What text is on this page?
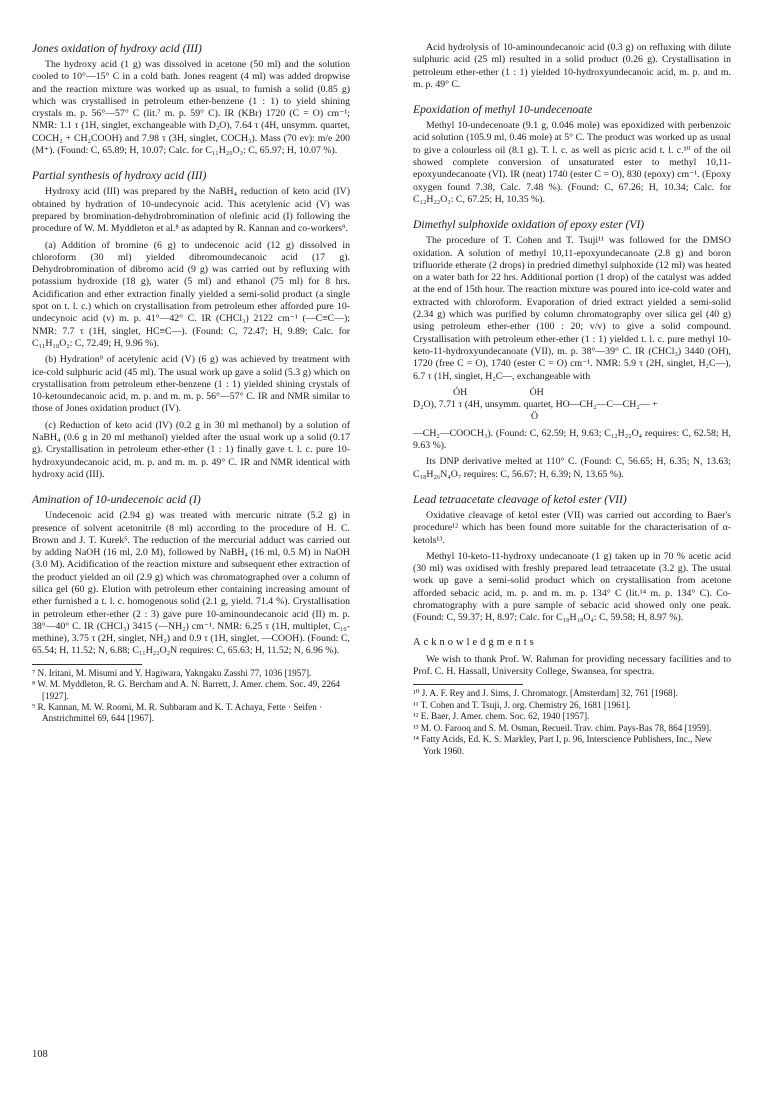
Jones oxidation of hydroxy acid (III)

The hydroxy acid (1 g) was dissolved in acetone (50 ml) and the solution cooled to 10°—15° C in a cold bath. Jones reagent (4 ml) was added dropwise and the reaction mixture was worked up as usual, to furnish a solid (0.85 g) which was crystallised in petroleum ether-benzene (1 : 1) to yield shining crystals m. p. 56°—57° C (lit.⁷ m. p. 59° C). IR (KBr) 1720 (C = O) cm⁻¹; NMR: 1.1 τ (1H, singlet, exchangeable with D₂O), 7.64 τ (4H, unsymm. quartet, COCH₂ + CH₂COOH) and 7.98 τ (3H, singlet, COCH₃). Mass (70 ev): m/e 200 (M⁺). (Found: C, 65.89; H, 10.07; Calc. for C₁₁H₂₀O₃: C, 65.97; H, 10.07 %).

Partial synthesis of hydroxy acid (III)

Hydroxy acid (III) was prepared by the NaBH₄ reduction of keto acid (IV) obtained by hydration of 10-undecynoic acid. This acetylenic acid (V) was prepared by bromination-dehydrobromination of olefinic acid (I) following the procedure of W. M. Myddleton et al.⁸ as adapted by R. Kannan and co-workers⁹.

(a) Addition of bromine (6 g) to undecenoic acid (12 g) dissolved in chloroform (30 ml) yielded dibromoundecanoic acid (17 g). Dehydrobromination of dibromo acid (9 g) was carried out by refluxing with potassium hydroxide (18 g), water (5 ml) and ethanol (75 ml) for 8 hrs. Acidification and ether extraction finally yielded a semi-solid product (a single spot on t. l. c.) which on crystallisation from petroleum ether afforded pure 10-undecynoic acid (v) m. p. 41°—42° C. IR (CHCl₃) 2122 cm⁻¹ (—C≡C—); NMR: 7.7 τ (1H, singlet, HC≡C—). (Found: C, 72.47; H, 9.89; Calc. for C₁₁H₁₈O₂: C, 72.49; H, 9.96 %).

(b) Hydration⁹ of acetylenic acid (V) (6 g) was achieved by treatment with ice-cold sulphuric acid (45 ml). The usual work up gave a solid (5.3 g) which on crystallisation from petroleum ether-benzene (1 : 1) yielded shining crystals of 10-ketoundecanoic acid, m. p. and m. m. p. 56°—57° C. IR and NMR similar to those of Jones oxidation product (IV).

(c) Reduction of keto acid (IV) (0.2 g in 30 ml methanol) by a solution of NaBH₄ (0.6 g in 20 ml methanol) yielded after the usual work up a solid (0.17 g). Crystallisation in petroleum ether-ether (1 : 1) finally gave t. l. c. pure 10-hydroxyundecanoic acid, m. p. and m. m. p. 49° C. IR and NMR identical with hydroxy acid (III).

Amination of 10-undecenoic acid (I)

Undecenoic acid (2.94 g) was treated with mercuric nitrate (5.2 g) in presence of solvent acetonitrile (8 ml) according to the procedure of H. C. Brown and J. T. Kurek⁵. The reduction of the mercurial adduct was carried out by adding NaOH (16 ml, 2.0 M), followed by NaBH₄ (16 ml, 0.5 M) in NaOH (3.0 M). Acidification of the reaction mixture and subsequent ether extraction of the product yielded an oil (2.9 g) which was chromatographed over a column of silica gel (60 g). Elution with petroleum ether containing increasing amount of ether furnished a t. l. c. homogenous solid (2.1 g, yield. 71.4 %). Crystallisation in petroleum ether-ether (2 : 3) gave pure 10-aminoundecanoic acid (II) m. p. 38°—40° C. IR (CHCl₃) 3415 (—NH₂) cm⁻¹. NMR: 6.25 τ (1H, multiplet, C₁₀-methine), 3.75 τ (2H, singlet, NH₂) and 0.9 τ (1H, singlet, —COOH). (Found: C, 65.54; H, 11.52; N, 6.88; C₁₁H₂₃O₂N requires: C, 65.63; H, 11.52; N, 6.96 %).

⁷ N. Iritani, M. Misumi and Y. Hagiwara, Yakngaku Zasshi 77, 1036 [1957].

⁸ W. M. Myddleton, R. G. Bercham and A. N. Barrett, J. Amer. chem. Soc. 49, 2264 [1927].

⁹ R. Kannan, M. W. Roomi, M. R. Subbaram and K. T. Achaya, Fette · Seifen · Anstrichmittel 69, 644 [1967].

Acid hydrolysis of 10-aminoundecanoic acid (0.3 g) on refluxing with dilute sulphuric acid (25 ml) resulted in a solid product (0.26 g). Crystallisation in petroleum ether-ether (1 : 1) yielded 10-hydroxyundecanoic acid, m. p. and m. m. p. 49° C.

Epoxidation of methyl 10-undecenoate

Methyl 10-undecenoate (9.1 g, 0.046 mole) was epoxidized with perbenzoic acid solution (105.9 ml, 0.46 mole) at 5° C. The product was worked up as usual to give a colourless oil (8.1 g). T. l. c. as well as picric acid t. l. c.¹⁰ of the oil showed complete conversion of unsaturated ester to methyl 10,11-epoxyundecanoate (VI). IR (neat) 1740 (ester C = O), 830 (epoxy) cm⁻¹. (Epoxy oxygen found 7.38, Calc. 7.48 %). (Found: C, 67.26; H, 10.34; Calc. for C₁₂H₂₂O₃: C, 67.25; H, 10.35 %).

Dimethyl sulphoxide oxidation of epoxy ester (VI)

The procedure of T. Cohen and T. Tsuji¹¹ was followed for the DMSO oxidation. A solution of methyl 10,11-epoxyundecanoate (2.8 g) and boron trifluoride etherate (2 drops) in predried dimethyl sulphoxide (12 ml) was heated on a water bath for 22 hrs. Additional portion (1 drop) of the catalyst was added at the end of 15th hour. The reaction mixture was poured into ice-cold water and extracted with chloroform. Evaporation of dried extract yielded a semi-solid (2.34 g) which was purified by column chromatography over silica gel (40 g) using petroleum ether-ether (100 : 20; v/v) to give a solid compound. Crystallisation with petroleum ether-ether (1 : 1) yielded t. l. c. pure methyl 10-keto-11-hydroxyundecanoate (VII), m. p. 38°—39° C. IR (CHCl₃) 3440 (OH), 1720 (free C = O), 1740 (ester C = O) cm⁻¹. NMR: 5.9 τ (2H, singlet, H₂C—), 6.7 τ (1H, singlet, H₂C—, exchangeable with

ÓH ÓH
D₂O), 7.71 τ (4H, unsymm. quartet, HO—CH₂—C—CH₂— +
Ö

—CH₂—COOCH₃). (Found: C, 62.59; H, 9.63; C₁₂H₂₂O₄ requires: C, 62.58; H, 9.63 %).

Its DNP derivative melted at 110° C. (Found: C, 56.65; H, 6.35; N, 13.63; C₁₈H₂₆N₄O₇ requires: C, 56.67; H, 6.39; N, 13.65 %).

Lead tetraacetate cleavage of ketol ester (VII)

Oxidative cleavage of ketol ester (VII) was carried out according to Baer's procedure¹² which has been found more suitable for the characterisation of α-ketols¹³.

Methyl 10-keto-11-hydroxy undecanoate (1 g) taken up in 70 % acetic acid (30 ml) was oxidised with freshly prepared lead tetraacetate (3.2 g). The usual work up gave a semi-solid product which on crystallisation from acetone afforded sebacic acid, m. p. and m. m. p. 134° C (lit.¹⁴ m. p. 134° C). Co-chromatography with a pure sample of sebacic acid showed only one peak. (Found: C, 59.37; H, 8.97; Calc. for C₁₀H₁₈O₄: C, 59.58; H, 8.97 %).

Acknowledgments

We wish to thank Prof. W. Rahman for providing necessary facilities and to Prof. C. H. Hassall, University College, Swansea, for spectra.

¹⁰ J. A. F. Rey and J. Sims, J. Chromatogr. [Amsterdam] 32, 761 [1968].

¹¹ T. Cohen and T. Tsuji, J. org. Chemistry 26, 1681 [1961].

¹² E. Baer, J. Amer. chem. Soc. 62, 1940 [1957].

¹³ M. O. Farooq and S. M. Osman, Recueil. Trav. chim. Pays-Bas 78, 864 [1959].

¹⁴ Fatty Acids, Ed. K. S. Markley, Part I, p. 96, Interscience Publishers, Inc., New York 1960.

108
